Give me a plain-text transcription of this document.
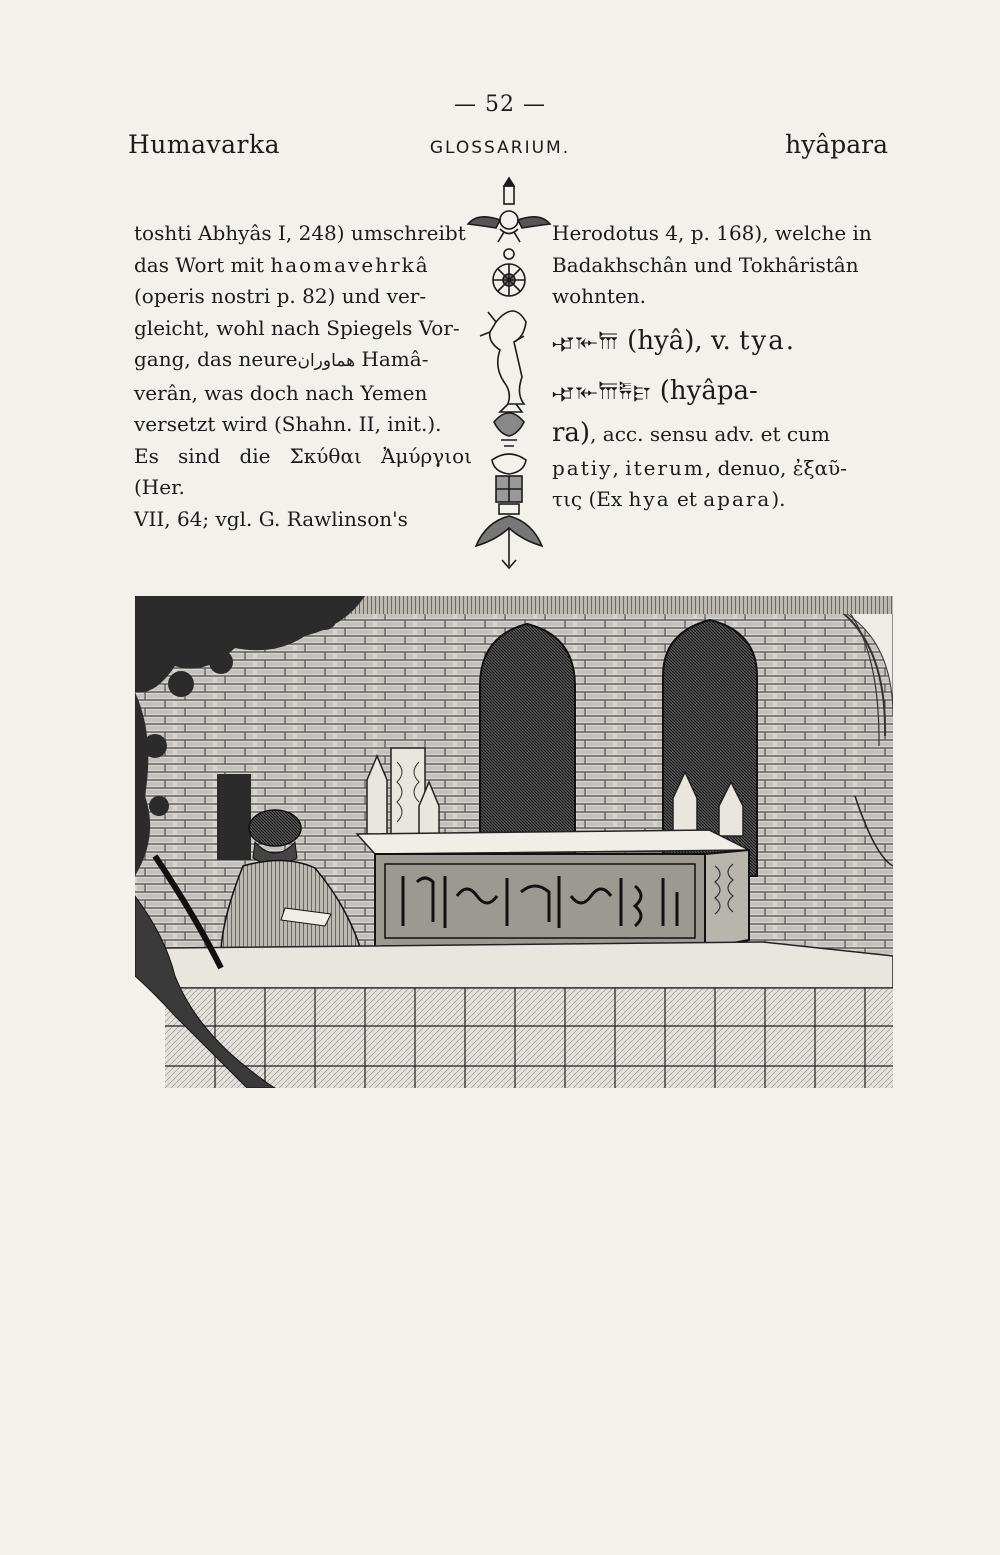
— 52 —
Humavarka	GLOSSARIUM.	hyâpara

toshti Abhyâs I, 248) umschreibt

das Wort mit haomavehrkâ

(operis nostri p. 82) und ver-

gleicht, wohl nach Spiegels Vor-

gang, das neureهماوران Hamâ-

verân, was doch nach Yemen

versetzt wird (Shahn. II, init.).

Es sind die Σκύθαι Ἀμύργιοι (Her.

VII, 64; vgl. G. Rawlinson's

Herodotus 4, p. 168), welche in

Badakhschân und Tokhâristân

wohnten.

𐎾𐎹𐎠 (hyâ), v. tya.

𐎾𐎹𐎠𐎱𐎼 (hyâpa-

ra), acc. sensu adv. et cum

patiy, iterum, denuo, ἐξαῦ-

τις (Ex hya et apara).
